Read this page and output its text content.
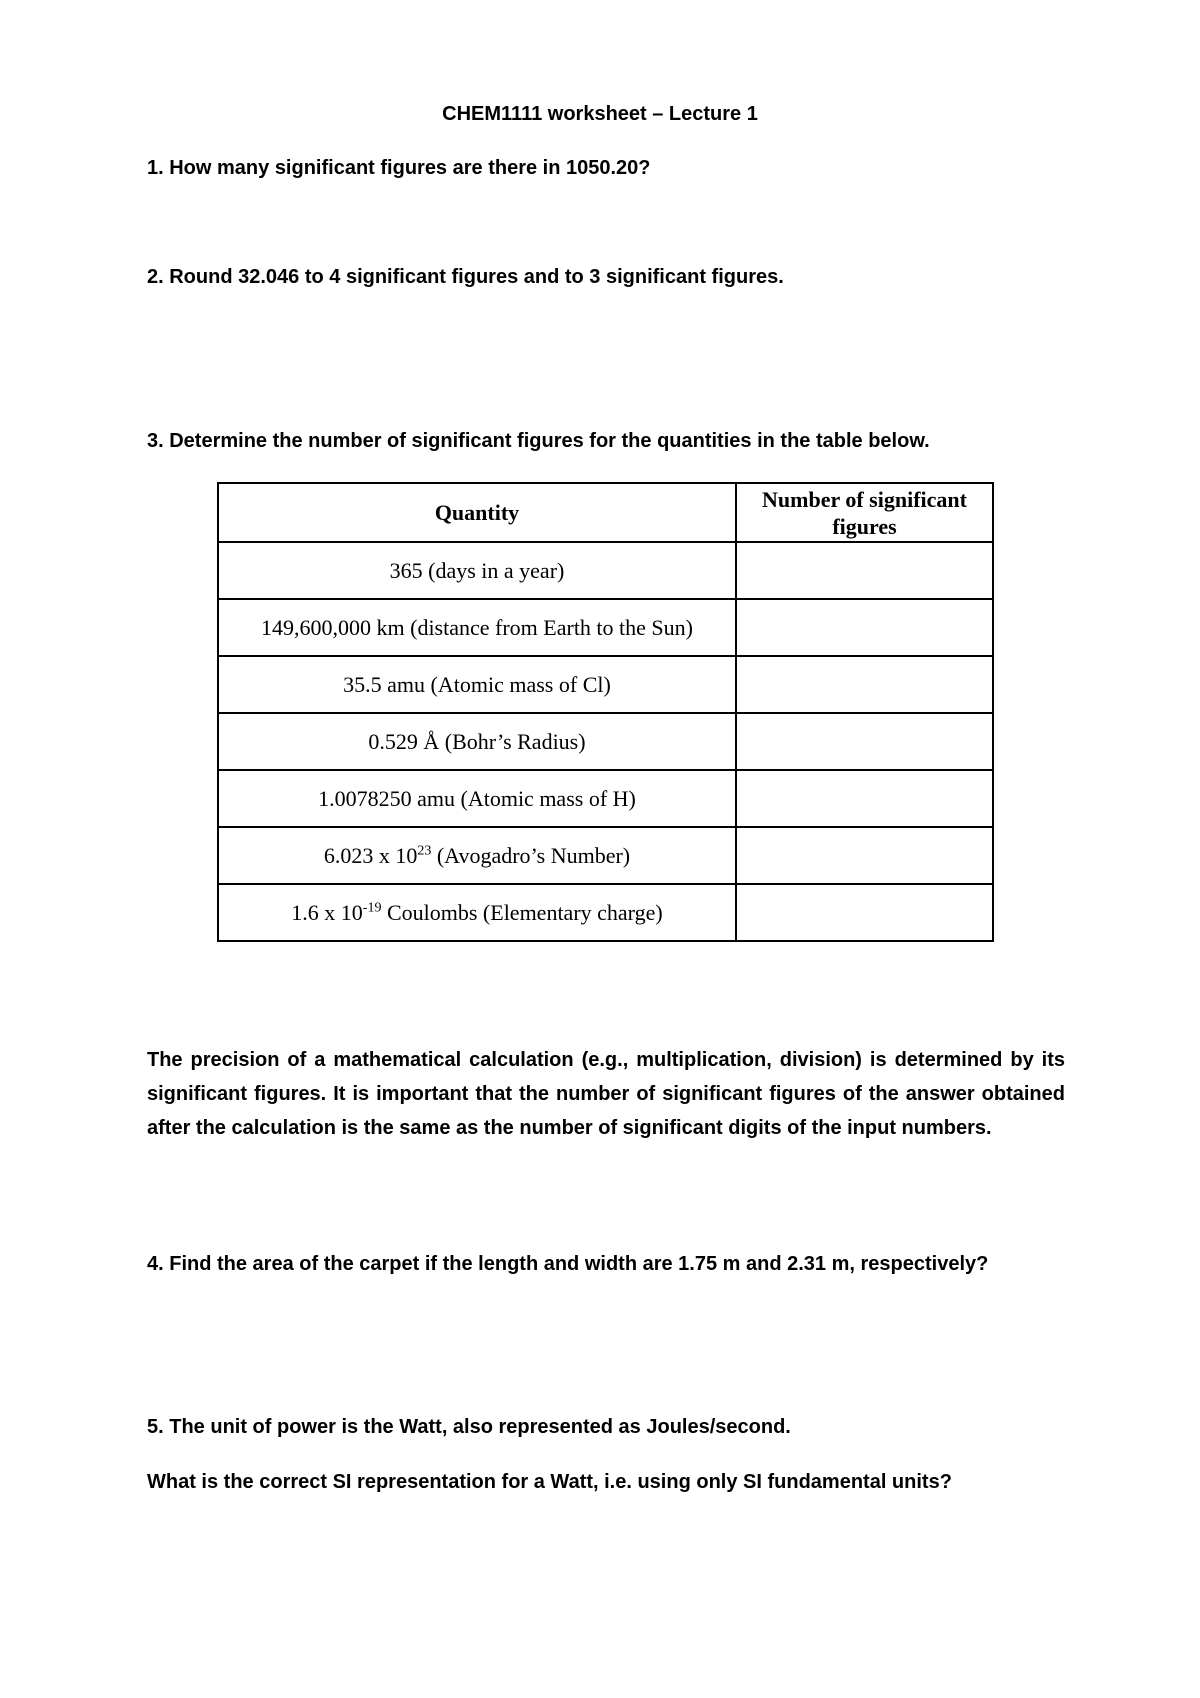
CHEM1111 worksheet – Lecture 1
1. How many significant figures are there in 1050.20?
2. Round 32.046 to 4 significant figures and to 3 significant figures.
3. Determine the number of significant figures for the quantities in the table below.
Quantity	Number of significant figures
365 (days in a year)	
149,600,000 km (distance from Earth to the Sun)	
35.5 amu (Atomic mass of Cl)	
0.529 Å (Bohr’s Radius)	
1.0078250 amu (Atomic mass of H)	
6.023 x $10^{23}$ (Avogadro’s Number)	
1.6 x $10^{-19}$ Coulombs (Elementary charge)	
The precision of a mathematical calculation (e.g., multiplication, division) is determined by its significant figures. It is important that the number of significant figures of the answer obtained after the calculation is the same as the number of significant digits of the input numbers.
4. Find the area of the carpet if the length and width are 1.75 m and 2.31 m, respectively?
5. The unit of power is the Watt, also represented as Joules/second.
What is the correct SI representation for a Watt, i.e. using only SI fundamental units?
